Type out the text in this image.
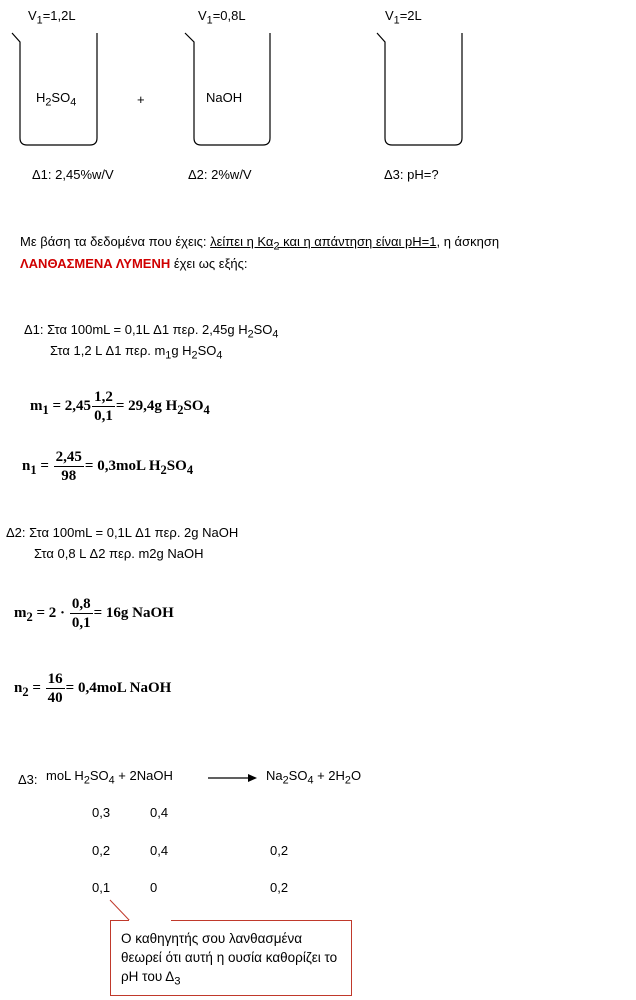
$V_1=1,2L$	$V_1=0,8L$	$V_1=2L$
$H_2SO_4$	+	NaOH
Δ1: 2,45%w/V	Δ2: 2%w/V	Δ3: pH=?
Με βάση τα δεδομένα που έχεις: λείπει η $K\alpha_2$ και η απάντηση είναι pH=1, η άσκηση
ΛΑΝΘΑΣΜΕΝΑ ΛΥΜΕΝΗ έχει ως εξής:
Δ1: Στα 100mL = 0,1L Δ1 περ. 2,45g $H_2SO_4$
Στα 1,2 L Δ1 περ. $m_1g$ $H_2SO_4$
$m_1 = 2,45 \frac{1,2}{0,1} = 29,4g$ $H_2SO_4$
$n_1 = \frac{2,45}{98} = 0,3moL$ $H_2SO_4$
Δ2: Στα 100mL = 0,1L Δ1 περ. 2g NaOH
Στα 0,8 L Δ2 περ. m2g NaOH
$m_2 = 2 \cdot \frac{0,8}{0,1} = 16g$ NaOH
$n_2 = \frac{16}{40} = 0,4moL$ NaOH
Δ3: moL $H_2SO_4$ + 2NaOH	→ $Na_2SO_4 + 2H_2O$
0,3	0,4
0,2	0,4	0,2
0,1	0	0,2
Ο καθηγητής σου λανθασμένα θεωρεί ότι αυτή η ουσία καθορίζει το ρΗ του $\Delta_3$
